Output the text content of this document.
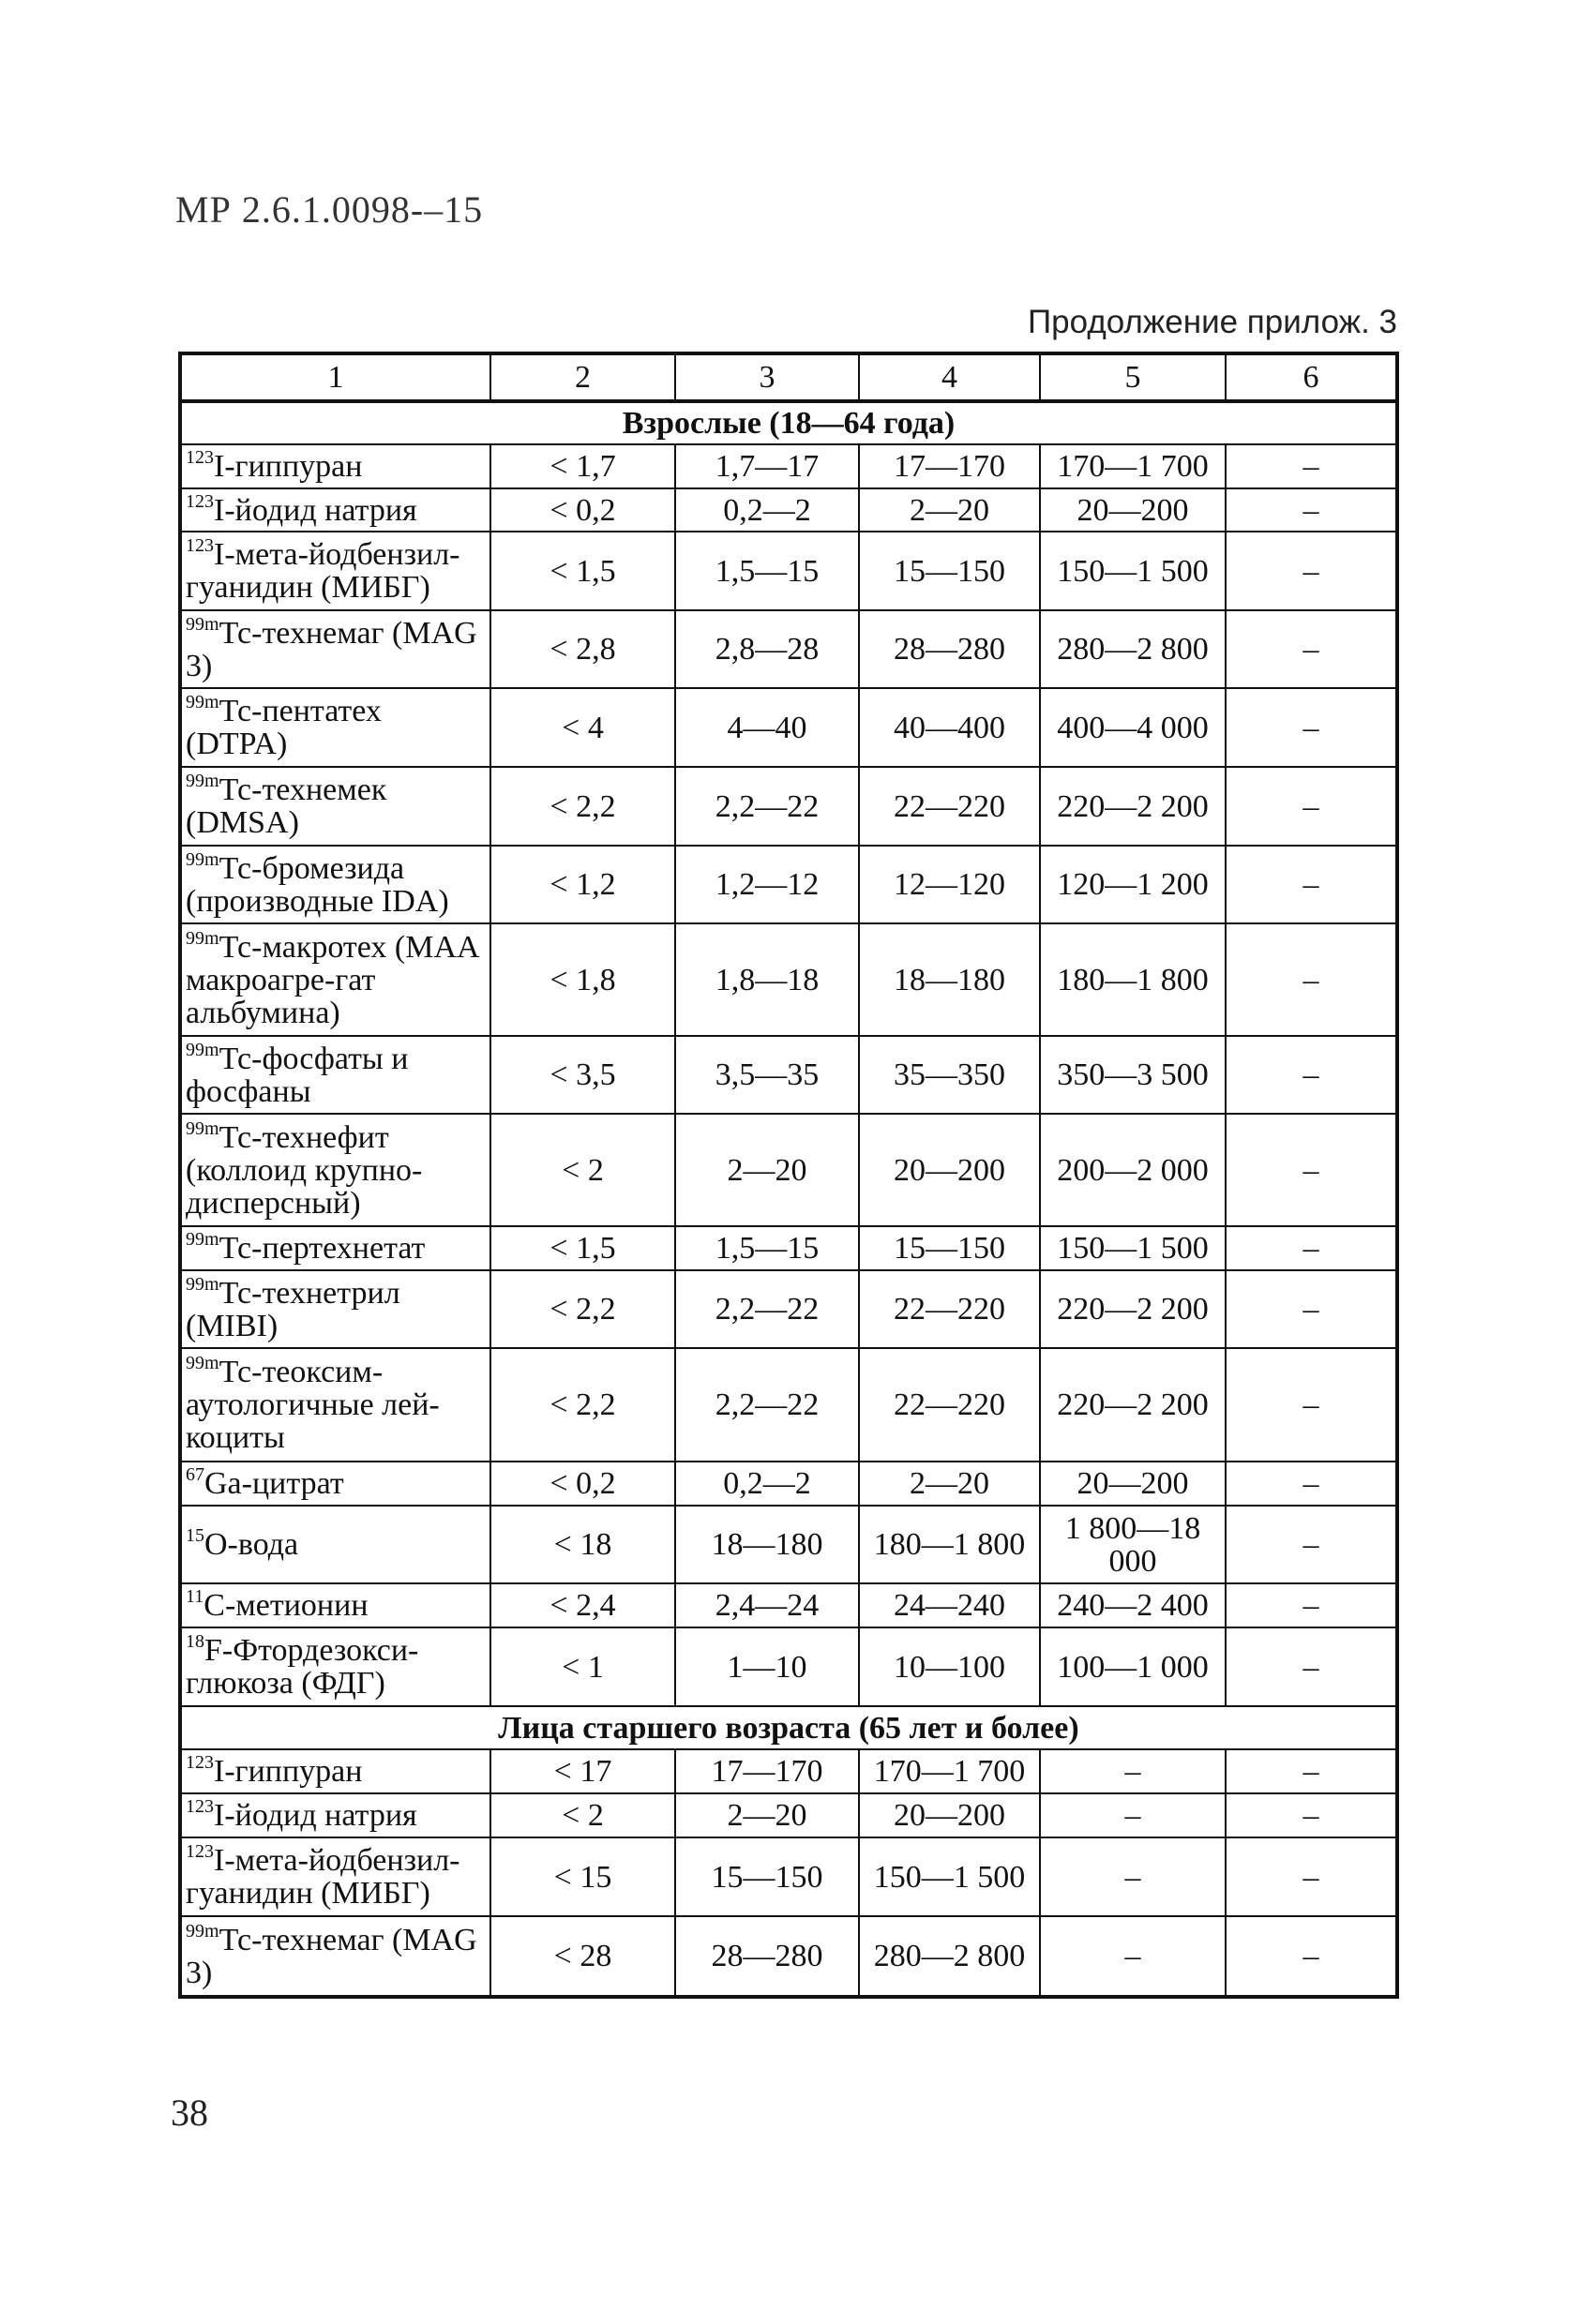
МР 2.6.1.0098-–15
Продолжение прилож. 3
1	2	3	4	5	6
Взрослые (18—64 года)					
$^{123}$I-гиппуран	< 1,7	1,7—17	17—170	170—1 700	–
$^{123}$I-йодид натрия	< 0,2	0,2—2	2—20	20—200	–
$^{123}$I-мета-йодбензил-гуанидин (МИБГ)	< 1,5	1,5—15	15—150	150—1 500	–
$^{99m}$Тс-технемаг (MAG 3)	< 2,8	2,8—28	28—280	280—2 800	–
$^{99m}$Тс-пентатех (DTPA)	< 4	4—40	40—400	400—4 000	–
$^{99m}$Тс-технемек (DMSA)	< 2,2	2,2—22	22—220	220—2 200	–
$^{99m}$Тс-бромезида (производные IDA)	< 1,2	1,2—12	12—120	120—1 200	–
$^{99m}$Тс-макротех (МАА макроагре-гат альбумина)	< 1,8	1,8—18	18—180	180—1 800	–
$^{99m}$Тс-фосфаты и фосфаны	< 3,5	3,5—35	35—350	350—3 500	–
$^{99m}$Тс-технефит (коллоид крупно-дисперсный)	< 2	2—20	20—200	200—2 000	–
$^{99m}$Тс-пертехнетат	< 1,5	1,5—15	15—150	150—1 500	–
$^{99m}$Тс-технетрил (MIBI)	< 2,2	2,2—22	22—220	220—2 200	–
$^{99m}$Тс-теоксим-аутологичные лей-коциты	< 2,2	2,2—22	22—220	220—2 200	–
$^{67}$Ga-цитрат	< 0,2	0,2—2	2—20	20—200	–
$^{15}$О-вода	< 18	18—180	180—1 800	1 800—18 000	–
$^{11}$С-метионин	< 2,4	2,4—24	24—240	240—2 400	–
$^{18}$F-Фтордезокси-глюкоза (ФДГ)	< 1	1—10	10—100	100—1 000	–
Лица старшего возраста (65 лет и более)					
$^{123}$I-гиппуран	< 17	17—170	170—1 700	–	–
$^{123}$I-йодид натрия	< 2	2—20	20—200	–	–
$^{123}$I-мета-йодбензил-гуанидин (МИБГ)	< 15	15—150	150—1 500	–	–
$^{99m}$Тс-технемаг (MAG 3)	< 28	28—280	280—2 800	–	–
38
